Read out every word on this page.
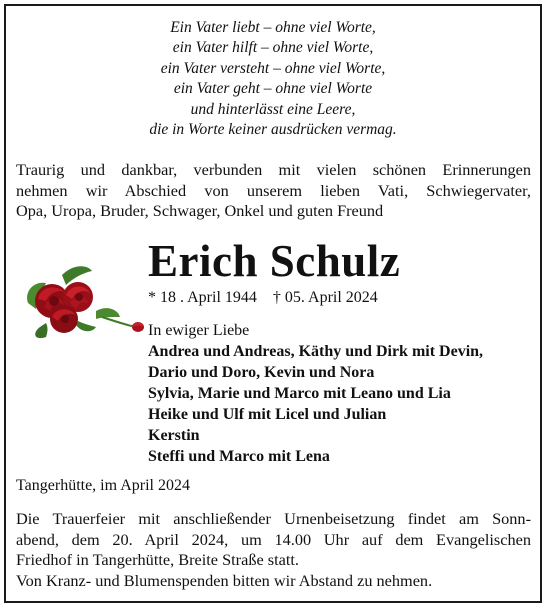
Ein Vater liebt – ohne viel Worte,
ein Vater hilft – ohne viel Worte,
ein Vater versteht – ohne viel Worte,
ein Vater geht – ohne viel Worte
und hinterlässt eine Leere,
die in Worte keiner ausdrücken vermag.
Traurig und dankbar, verbunden mit vielen schönen Erinnerungen
nehmen wir Abschied von unserem lieben Vati, Schwiegervater,
Opa, Uropa, Bruder, Schwager, Onkel und guten Freund
Erich Schulz
* 18 . April 1944 † 05. April 2024
In ewiger Liebe
Andrea und Andreas, Käthy und Dirk mit Devin,
Dario und Doro, Kevin und Nora
Sylvia, Marie und Marco mit Leano und Lia
Heike und Ulf mit Licel und Julian
Kerstin
Steffi und Marco mit Lena
Tangerhütte, im April 2024
Die Trauerfeier mit anschließender Urnenbeisetzung findet am Sonn-
abend, dem 20. April 2024, um 14.00 Uhr auf dem Evangelischen
Friedhof in Tangerhütte, Breite Straße statt.
Von Kranz- und Blumenspenden bitten wir Abstand zu nehmen.
